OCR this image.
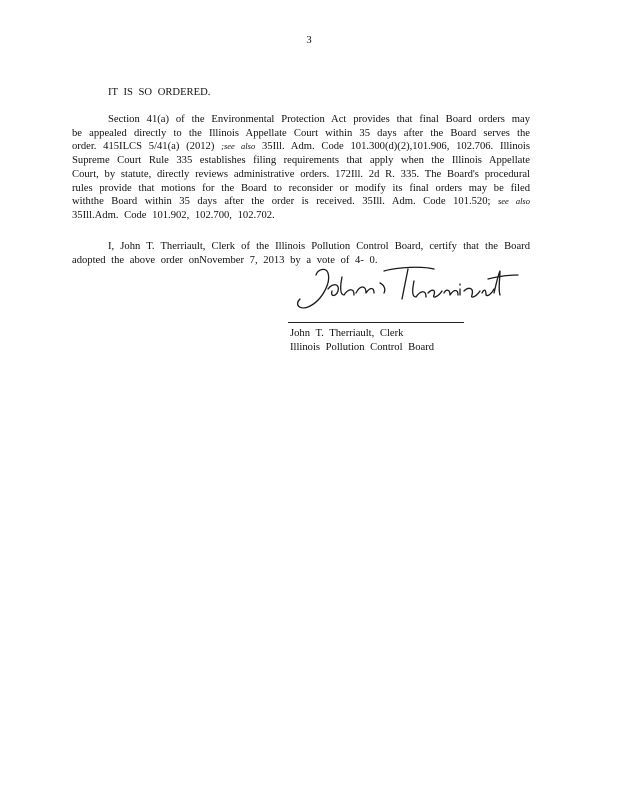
3
IT IS SO ORDERED.
Section 41(a) of the Environmental Protection Act provides that final Board orders may be appealed directly to the Illinois Appellate Court within 35 days after the Board serves the order. 415ILCS 5/41(a) (2012) ;see also 35Ill. Adm. Code 101.300(d)(2),101.906, 102.706. Illinois Supreme Court Rule 335 establishes filing requirements that apply when the Illinois Appellate Court, by statute, directly reviews administrative orders. 172Ill. 2d R. 335. The Board's procedural rules provide that motions for the Board to reconsider or modify its final orders may be filed withthe Board within 35 days after the order is received. 35Ill. Adm. Code 101.520; see also 35Ill.Adm. Code 101.902, 102.700, 102.702.
I, John T. Therriault, Clerk of the Illinois Pollution Control Board, certify that the Board adopted the above order onNovember 7, 2013 by a vote of 4- 0.
John T. Therriault, Clerk
Illinois Pollution Control Board
